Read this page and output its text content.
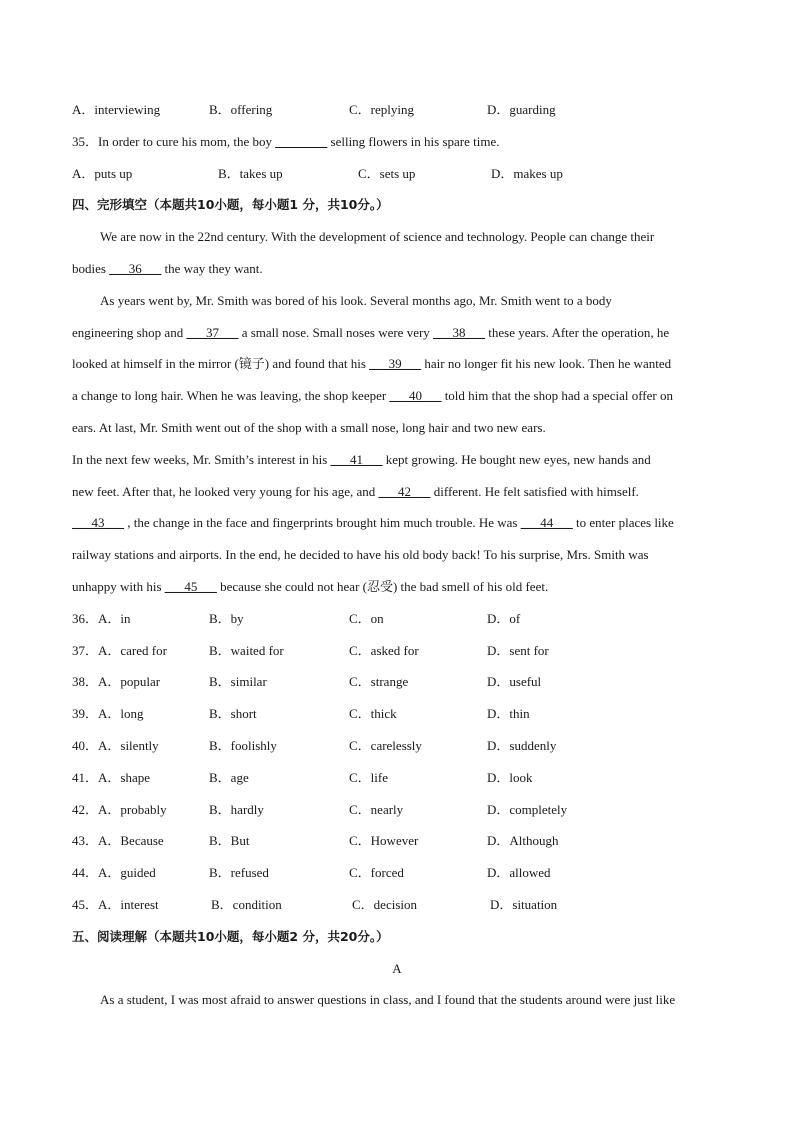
A．interviewing	B．offering	C．replying	D．guarding
35．In order to cure his mom, the boy ________ selling flowers in his spare time.
A．puts up	B．takes up	C．sets up	D．makes up
四、完形填空（本题共10小题，每小题1 分，共10分。）
We are now in the 22nd century. With the development of science and technology. People can change their
bodies ___36___ the way they want.
As years went by, Mr. Smith was bored of his look. Several months ago, Mr. Smith went to a body
engineering shop and ___37___ a small nose. Small noses were very ___38___ these years. After the operation, he
looked at himself in the mirror (镜子) and found that his ___39___ hair no longer fit his new look. Then he wanted
a change to long hair. When he was leaving, the shop keeper ___40___ told him that the shop had a special offer on
ears. At last, Mr. Smith went out of the shop with a small nose, long hair and two new ears.
In the next few weeks, Mr. Smith’s interest in his ___41___ kept growing. He bought new eyes, new hands and
new feet. After that, he looked very young for his age, and ___42___ different. He felt satisfied with himself.
___43___ , the change in the face and fingerprints brought him much trouble. He was ___44___ to enter places like
railway stations and airports. In the end, he decided to have his old body back! To his surprise, Mrs. Smith was
unhappy with his ___45___ because she could not hear (忍受) the bad smell of his old feet.
36．A．in	B．by	C．on	D．of
37．A．cared for	B．waited for	C．asked for	D．sent for
38．A．popular	B．similar	C．strange	D．useful
39．A．long	B．short	C．thick	D．thin
40．A．silently	B．foolishly	C．carelessly	D．suddenly
41．A．shape	B．age	C．life	D．look
42．A．probably	B．hardly	C．nearly	D．completely
43．A．Because	B．But	C．However	D．Although
44．A．guided	B．refused	C．forced	D．allowed
45．A．interest	B．condition	C．decision	D．situation
五、阅读理解（本题共10小题，每小题2 分，共20分。）
A
As a student, I was most afraid to answer questions in class, and I found that the students around were just like
